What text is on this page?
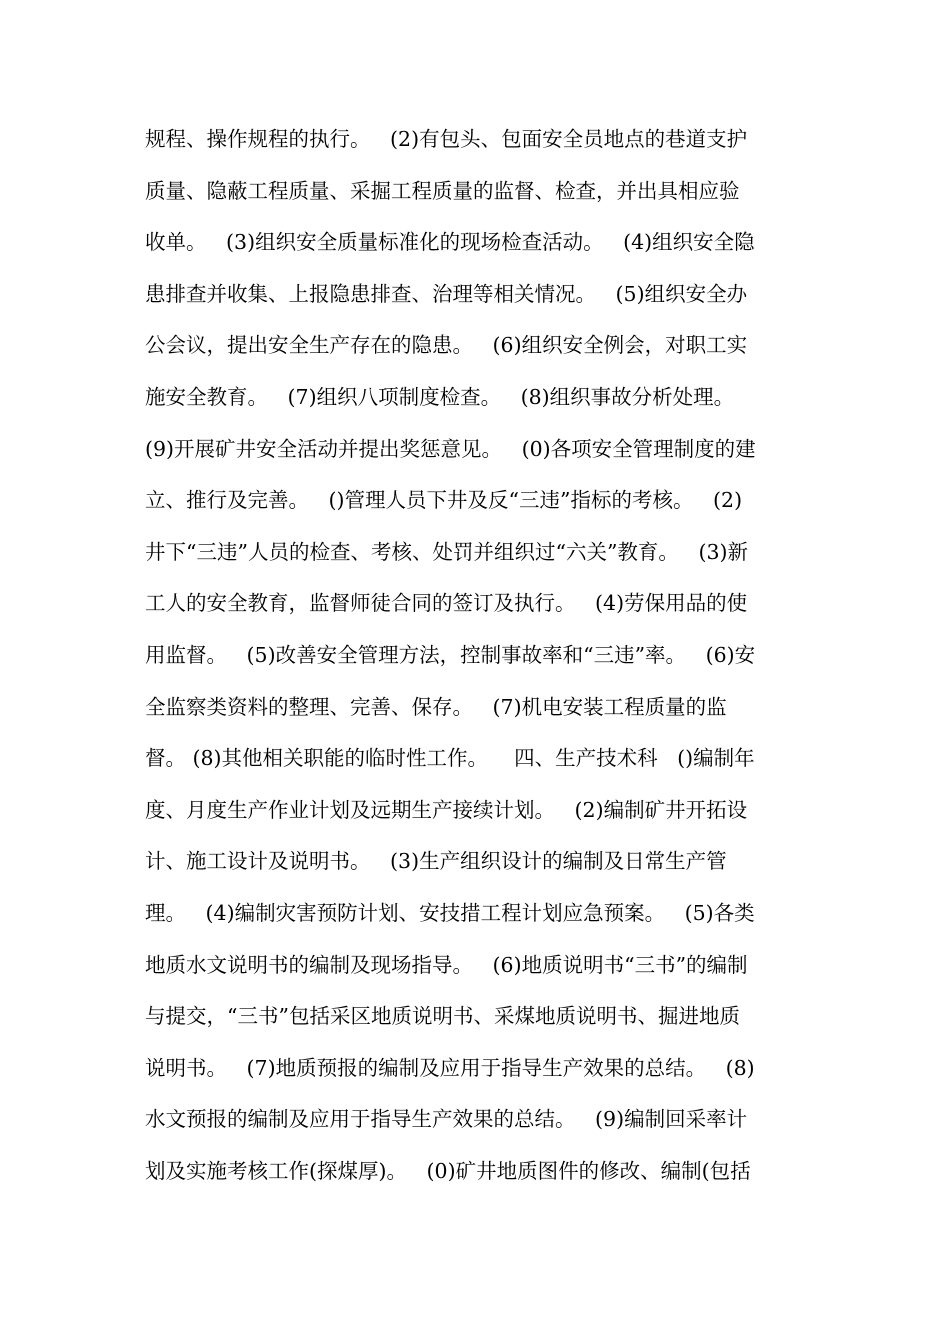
规程、操作规程的执行。   (2)有包头、包面安全员地点的巷道支护
质量、隐蔽工程质量、采掘工程质量的监督、检查，并出具相应验
收单。   (3)组织安全质量标准化的现场检查活动。   (4)组织安全隐
患排查并收集、上报隐患排查、治理等相关情况。   (5)组织安全办
公会议，提出安全生产存在的隐患。   (6)组织安全例会，对职工实
施安全教育。   (7)组织八项制度检查。   (8)组织事故分析处理。
(9)开展矿井安全活动并提出奖惩意见。   (0)各项安全管理制度的建
立、推行及完善。   ()管理人员下井及反“三违”指标的考核。   (2)
井下“三违”人员的检查、考核、处罚并组织过“六关”教育。   (3)新
工人的安全教育，监督师徒合同的签订及执行。   (4)劳保用品的使
用监督。   (5)改善安全管理方法，控制事故率和“三违”率。   (6)安
全监察类资料的整理、完善、保存。   (7)机电安装工程质量的监
督。 (8)其他相关职能的临时性工作。    四、生产技术科   ()编制年
度、月度生产作业计划及远期生产接续计划。   (2)编制矿井开拓设
计、施工设计及说明书。   (3)生产组织设计的编制及日常生产管
理。   (4)编制灾害预防计划、安技措工程计划应急预案。   (5)各类
地质水文说明书的编制及现场指导。   (6)地质说明书“三书”的编制
与提交，“三书”包括采区地质说明书、采煤地质说明书、掘进地质
说明书。   (7)地质预报的编制及应用于指导生产效果的总结。   (8)
水文预报的编制及应用于指导生产效果的总结。   (9)编制回采率计
划及实施考核工作(探煤厚)。   (0)矿井地质图件的修改、编制(包括
